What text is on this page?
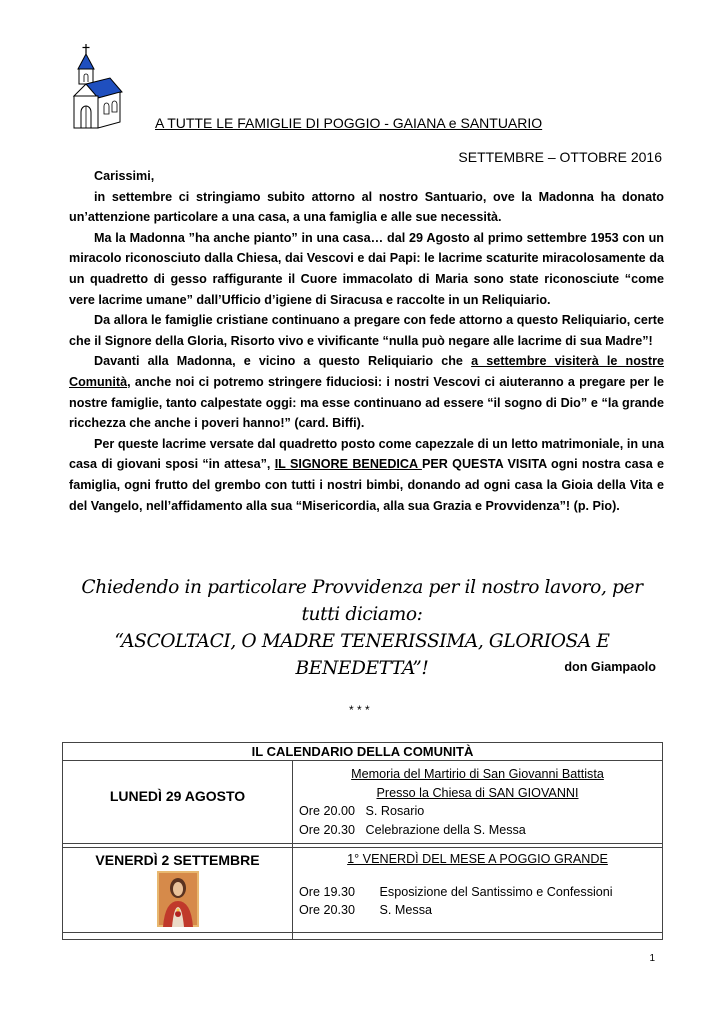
A TUTTE LE FAMIGLIE DI POGGIO - GAIANA e SANTUARIO
SETTEMBRE – OTTOBRE 2016

Carissimi,

in settembre ci stringiamo subito attorno al nostro Santuario, ove la Madonna ha donato un’attenzione particolare a una casa, a una famiglia e alle sue necessità.

Ma la Madonna ”ha anche pianto” in una casa… dal 29 Agosto al primo settembre 1953 con un miracolo riconosciuto dalla Chiesa, dai Vescovi e dai Papi: le lacrime scaturite miracolosamente da un quadretto di gesso raffigurante il Cuore immacolato di Maria sono state riconosciute “come vere lacrime umane” dall’Ufficio d’igiene di Siracusa e raccolte in un Reliquiario.

Da allora le famiglie cristiane continuano a pregare con fede attorno a questo Reliquiario, certe che il Signore della Gloria, Risorto vivo e vivificante “nulla può negare alle lacrime di sua Madre”!

Davanti alla Madonna, e vicino a questo Reliquiario che a settembre visiterà le nostre Comunità, anche noi ci potremo stringere fiduciosi: i nostri Vescovi ci aiuteranno a pregare per le nostre famiglie, tanto calpestate oggi: ma esse continuano ad essere “il sogno di Dio” e “la grande ricchezza che anche i poveri hanno!” (card. Biffi).

Per queste lacrime versate dal quadretto posto come capezzale di un letto matrimoniale, in una casa di giovani sposi “in attesa”, IL SIGNORE BENEDICA PER QUESTA VISITA ogni nostra casa e famiglia, ogni frutto del grembo con tutti i nostri bimbi, donando ad ogni casa la Gioia della Vita e del Vangelo, nell’affidamento alla sua “Misericordia, alla sua Grazia e Provvidenza”! (p. Pio).

Chiedendo in particolare Provvidenza per il nostro lavoro, per tutti diciamo:
“ASCOLTACI, O MADRE TENERISSIMA, GLORIOSA E
BENEDETTA”!	don Giampaolo
* * *
IL CALENDARIO DELLA COMUNITÀ	

LUNEDÌ 29 AGOSTO	Memoria del Martirio di San Giovanni Battista
Presso la Chiesa di SAN GIOVANNI
Ore 20.00   S. Rosario
Ore 20.30   Celebrazione della S. Messa

VENERDÌ 2 SETTEMBRE	1° VENERDÌ DEL MESE A POGGIO GRANDE
Ore 19.30       Esposizione del Santissimo e Confessioni
Ore 20.30       S. Messa

1
